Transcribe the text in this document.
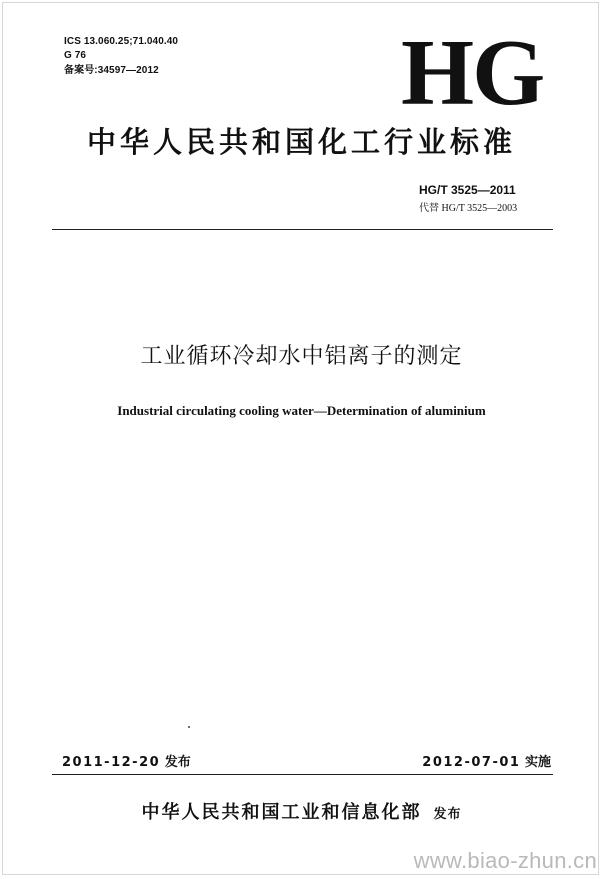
ICS 13.060.25;71.040.40
G 76
备案号:34597—2012	HG
中华人民共和国化工行业标准
HG/T 3525—2011
代替 HG/T 3525—2003
工业循环冷却水中铝离子的测定
Industrial circulating cooling water—Determination of aluminium
2011-12-20 发布	2012-07-01 实施
中华人民共和国工业和信息化部 发布
www.biao-zhun.cn
